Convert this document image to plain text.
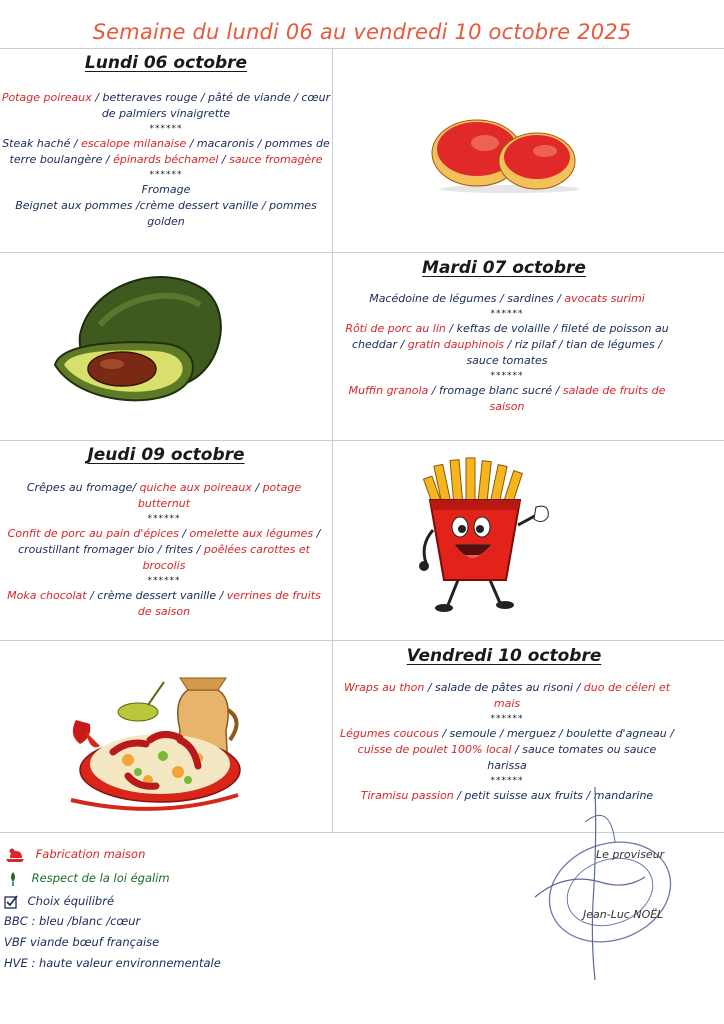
Semaine du lundi 06 au vendredi 10 octobre 2025
Lundi 06 octobre
Potage poireaux / betteraves rouge / pâté de viande / cœur de palmiers vinaigrette
******
Steak haché / escalope milanaise / macaronis / pommes de terre boulangère / épinards béchamel / sauce fromagère
******
Fromage
Beignet aux pommes /crème dessert vanille / pommes golden
Mardi 07 octobre
Macédoine de légumes / sardines / avocats surimi
******
Rôti de porc au lin / keftas de volaille / fileté de poisson au cheddar / gratin dauphinois / riz pilaf / tian de légumes / sauce tomates
******
Muffin granola / fromage blanc sucré / salade de fruits de saison
Jeudi 09 octobre
Crêpes au fromage/ quiche aux poireaux / potage butternut
******
Confit de porc au pain d'épices / omelette aux légumes / croustillant fromager bio / frites / poêlées carottes et brocolis
******
Moka chocolat / crème dessert vanille / verrines de fruits de saison
Vendredi 10 octobre
Wraps au thon / salade de pâtes au risoni / duo de céleri et mais
******
Légumes coucous / semoule / merguez / boulette d'agneau / cuisse de poulet 100% local / sauce tomates ou sauce harissa
******
Tiramisu passion / petit suisse aux fruits / mandarine
Fabrication maison
Respect de la loi égalim
Choix équilibré
BBC : bleu /blanc /cœur
VBF viande bœuf française
HVE : haute valeur environnementale
Le proviseur
Jean-Luc NOËL
